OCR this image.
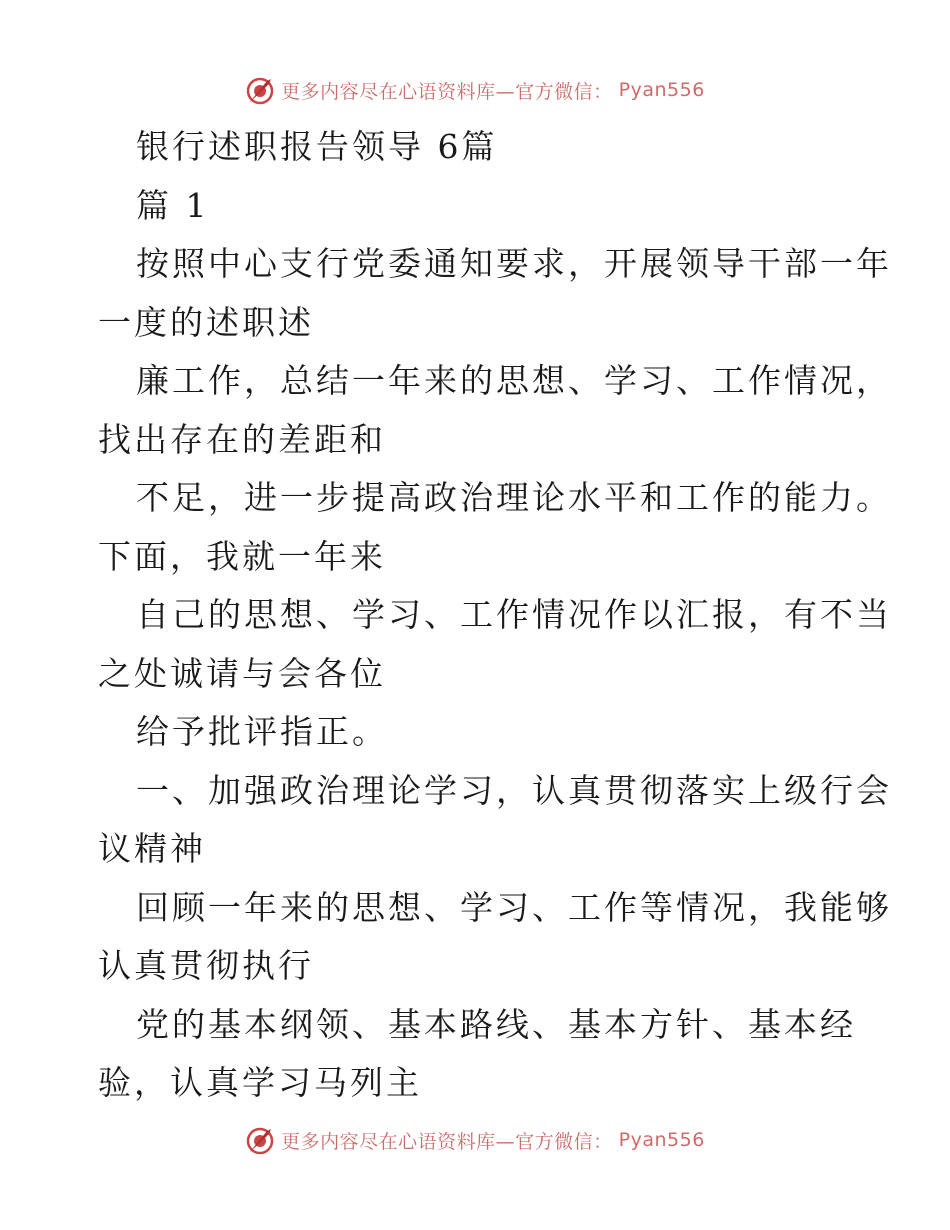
更多内容尽在心语资料库—官方微信： Pyan556
银行述职报告领导 6篇
篇 1
按照中心支行党委通知要求，开展领导干部一年
一度的述职述
廉工作，总结一年来的思想、学习、工作情况，
找出存在的差距和
不足，进一步提高政治理论水平和工作的能力。
下面，我就一年来
自己的思想、学习、工作情况作以汇报，有不当
之处诚请与会各位
给予批评指正。
一、加强政治理论学习，认真贯彻落实上级行会
议精神
回顾一年来的思想、学习、工作等情况，我能够
认真贯彻执行
党的基本纲领、基本路线、基本方针、基本经
验，认真学习马列主
更多内容尽在心语资料库—官方微信： Pyan556
